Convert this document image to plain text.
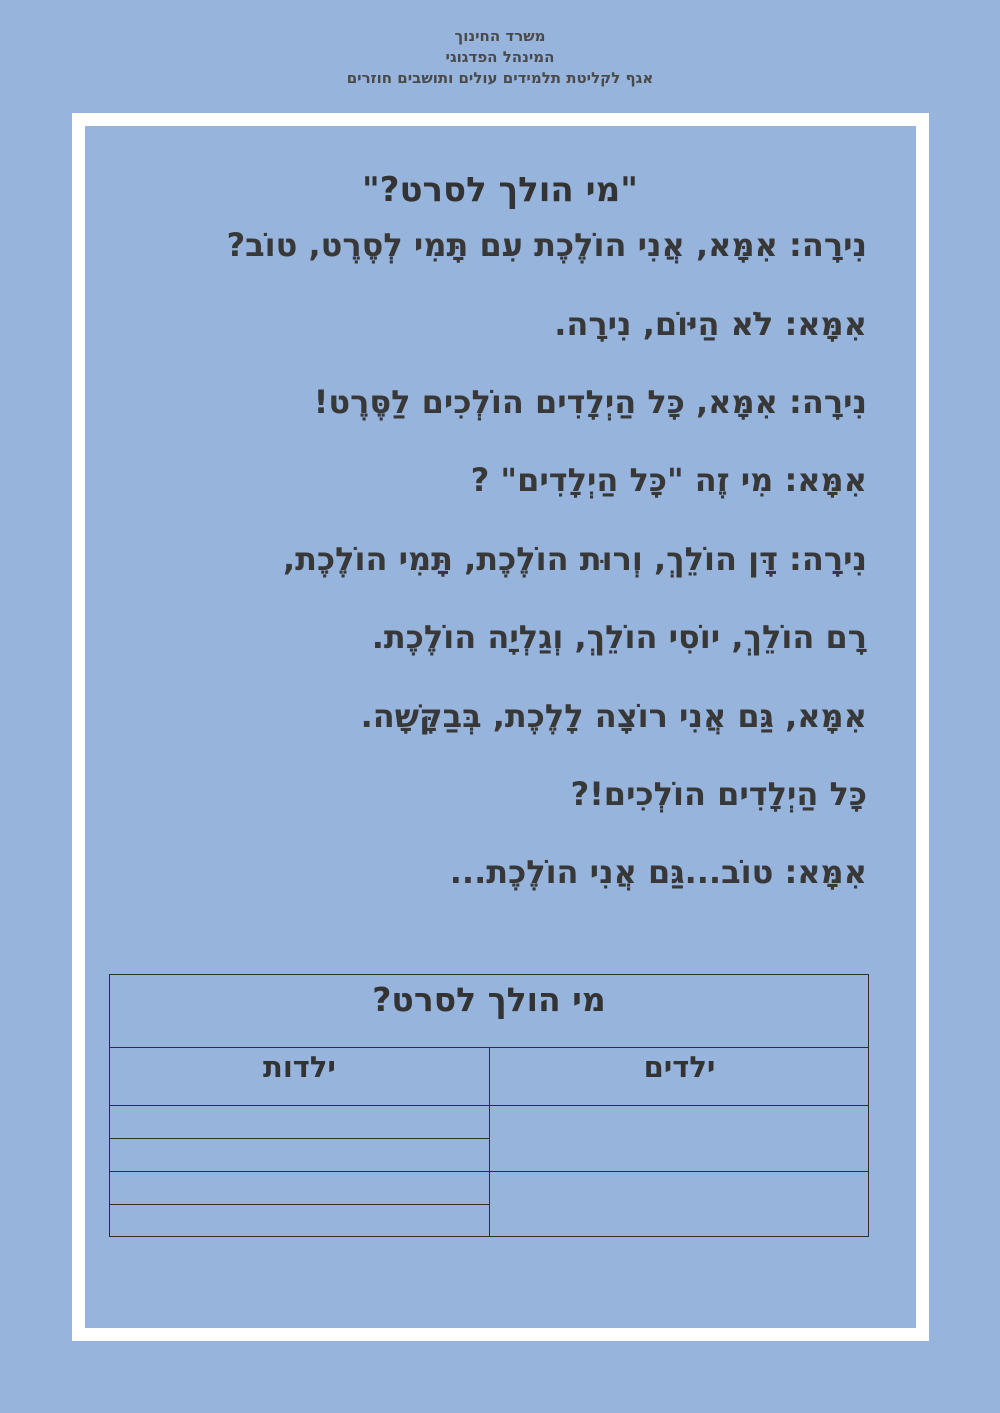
משרד החינוך
המינהל הפדגוגי
אגף לקליטת תלמידים עולים ותושבים חוזרים
"מי הולך לסרט?"
נִירָה: אִמָּא, אֲנִי הוֹלֶכֶת עִם תָּמִי לְסֶרֶט, טוֹב?
אִמָּא: לֹא הַיּוֹם, נִירָה.
נִירָה: אִמָּא, כָּל הַיְלָדִים הוֹלְכִים לַסֶּרֶט!
אִמָּא: מִי זֶה "כָּל הַיְלָדִים" ?
נִירָה: דָּן הוֹלֵךְ, וְרוּת הוֹלֶכֶת, תָּמִי הוֹלֶכֶת,
רָם הוֹלֵךְ, יוֹסִי הוֹלֵךְ, וְגַלְיָה הוֹלֶכֶת.
אִמָּא, גַּם אֲנִי רוֹצָה לָלֶכֶת, בְּבַקָּשָׁה.
כָּל הַיְלָדִים הוֹלְכִים!?
אִמָּא: טוֹב...גַּם אֲנִי הוֹלֶכֶת...
מי הולך לסרט?
ילדים
ילדות
